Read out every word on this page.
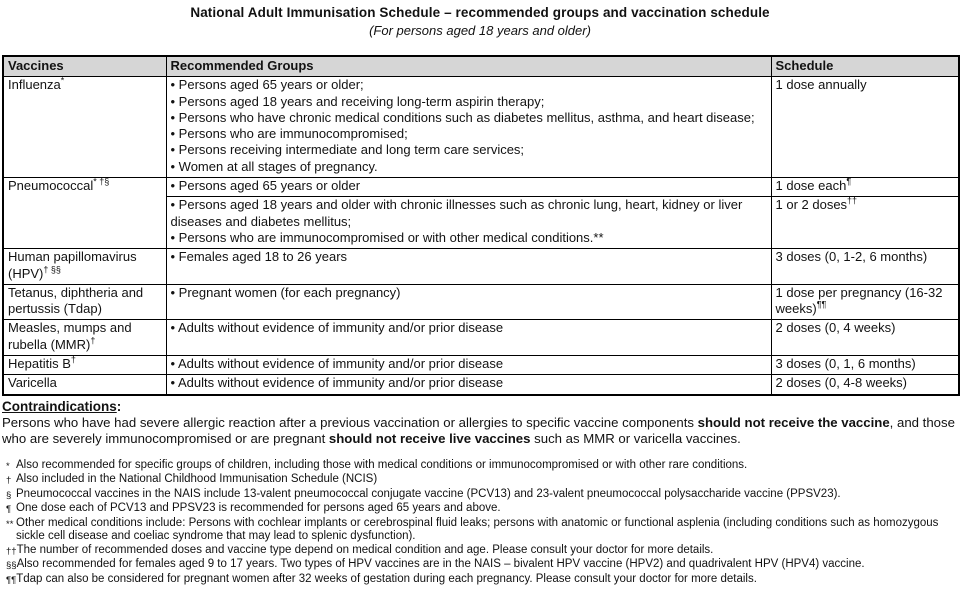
National Adult Immunisation Schedule – recommended groups and vaccination schedule
(For persons aged 18 years and older)
Vaccines	Recommended Groups	Schedule
Influenza*	• Persons aged 65 years or older;
• Persons aged 18 years and receiving long-term aspirin therapy;
• Persons who have chronic medical conditions such as diabetes mellitus, asthma, and heart disease;
• Persons who are immunocompromised;
• Persons receiving intermediate and long term care services;
• Women at all stages of pregnancy.
	1 dose annually
Pneumococcal* †§	• Persons aged 65 years or older	1 dose each¶

	• Persons aged 18 years and older with chronic illnesses such as chronic lung, heart, kidney or liver diseases and diabetes mellitus;
• Persons who are immunocompromised or with other medical conditions.**	1 or 2 doses††
Human papillomavirus (HPV)† §§	• Females aged 18 to 26 years	3 doses (0, 1-2, 6 months)
Tetanus, diphtheria and pertussis (Tdap)	• Pregnant women (for each pregnancy)	1 dose per pregnancy (16-32 weeks)¶¶
Measles, mumps and rubella (MMR)†	• Adults without evidence of immunity and/or prior disease	2 doses (0, 4 weeks)
Hepatitis B†	• Adults without evidence of immunity and/or prior disease	3 doses (0, 1, 6 months)
Varicella	• Adults without evidence of immunity and/or prior disease	2 doses (0, 4-8 weeks)
Contraindications:

Persons who have had severe allergic reaction after a previous vaccination or allergies to specific vaccine components should not receive the vaccine, and those who are severely immunocompromised or are pregnant should not receive live vaccines such as MMR or varicella vaccines.

* Also recommended for specific groups of children, including those with medical conditions or immunocompromised or with other rare conditions.
† Also included in the National Childhood Immunisation Schedule (NCIS)
§ Pneumococcal vaccines in the NAIS include 13-valent pneumococcal conjugate vaccine (PCV13) and 23-valent pneumococcal polysaccharide vaccine (PPSV23).
¶ One dose each of PCV13 and PPSV23 is recommended for persons aged 65 years and above.
** Other medical conditions include: Persons with cochlear implants or cerebrospinal fluid leaks; persons with anatomic or functional asplenia (including conditions such as homozygous sickle cell disease and coeliac syndrome that may lead to splenic dysfunction).
†† The number of recommended doses and vaccine type depend on medical condition and age. Please consult your doctor for more details.
§§ Also recommended for females aged 9 to 17 years. Two types of HPV vaccines are in the NAIS – bivalent HPV vaccine (HPV2) and quadrivalent HPV (HPV4) vaccine.
¶¶ Tdap can also be considered for pregnant women after 32 weeks of gestation during each pregnancy. Please consult your doctor for more details.
